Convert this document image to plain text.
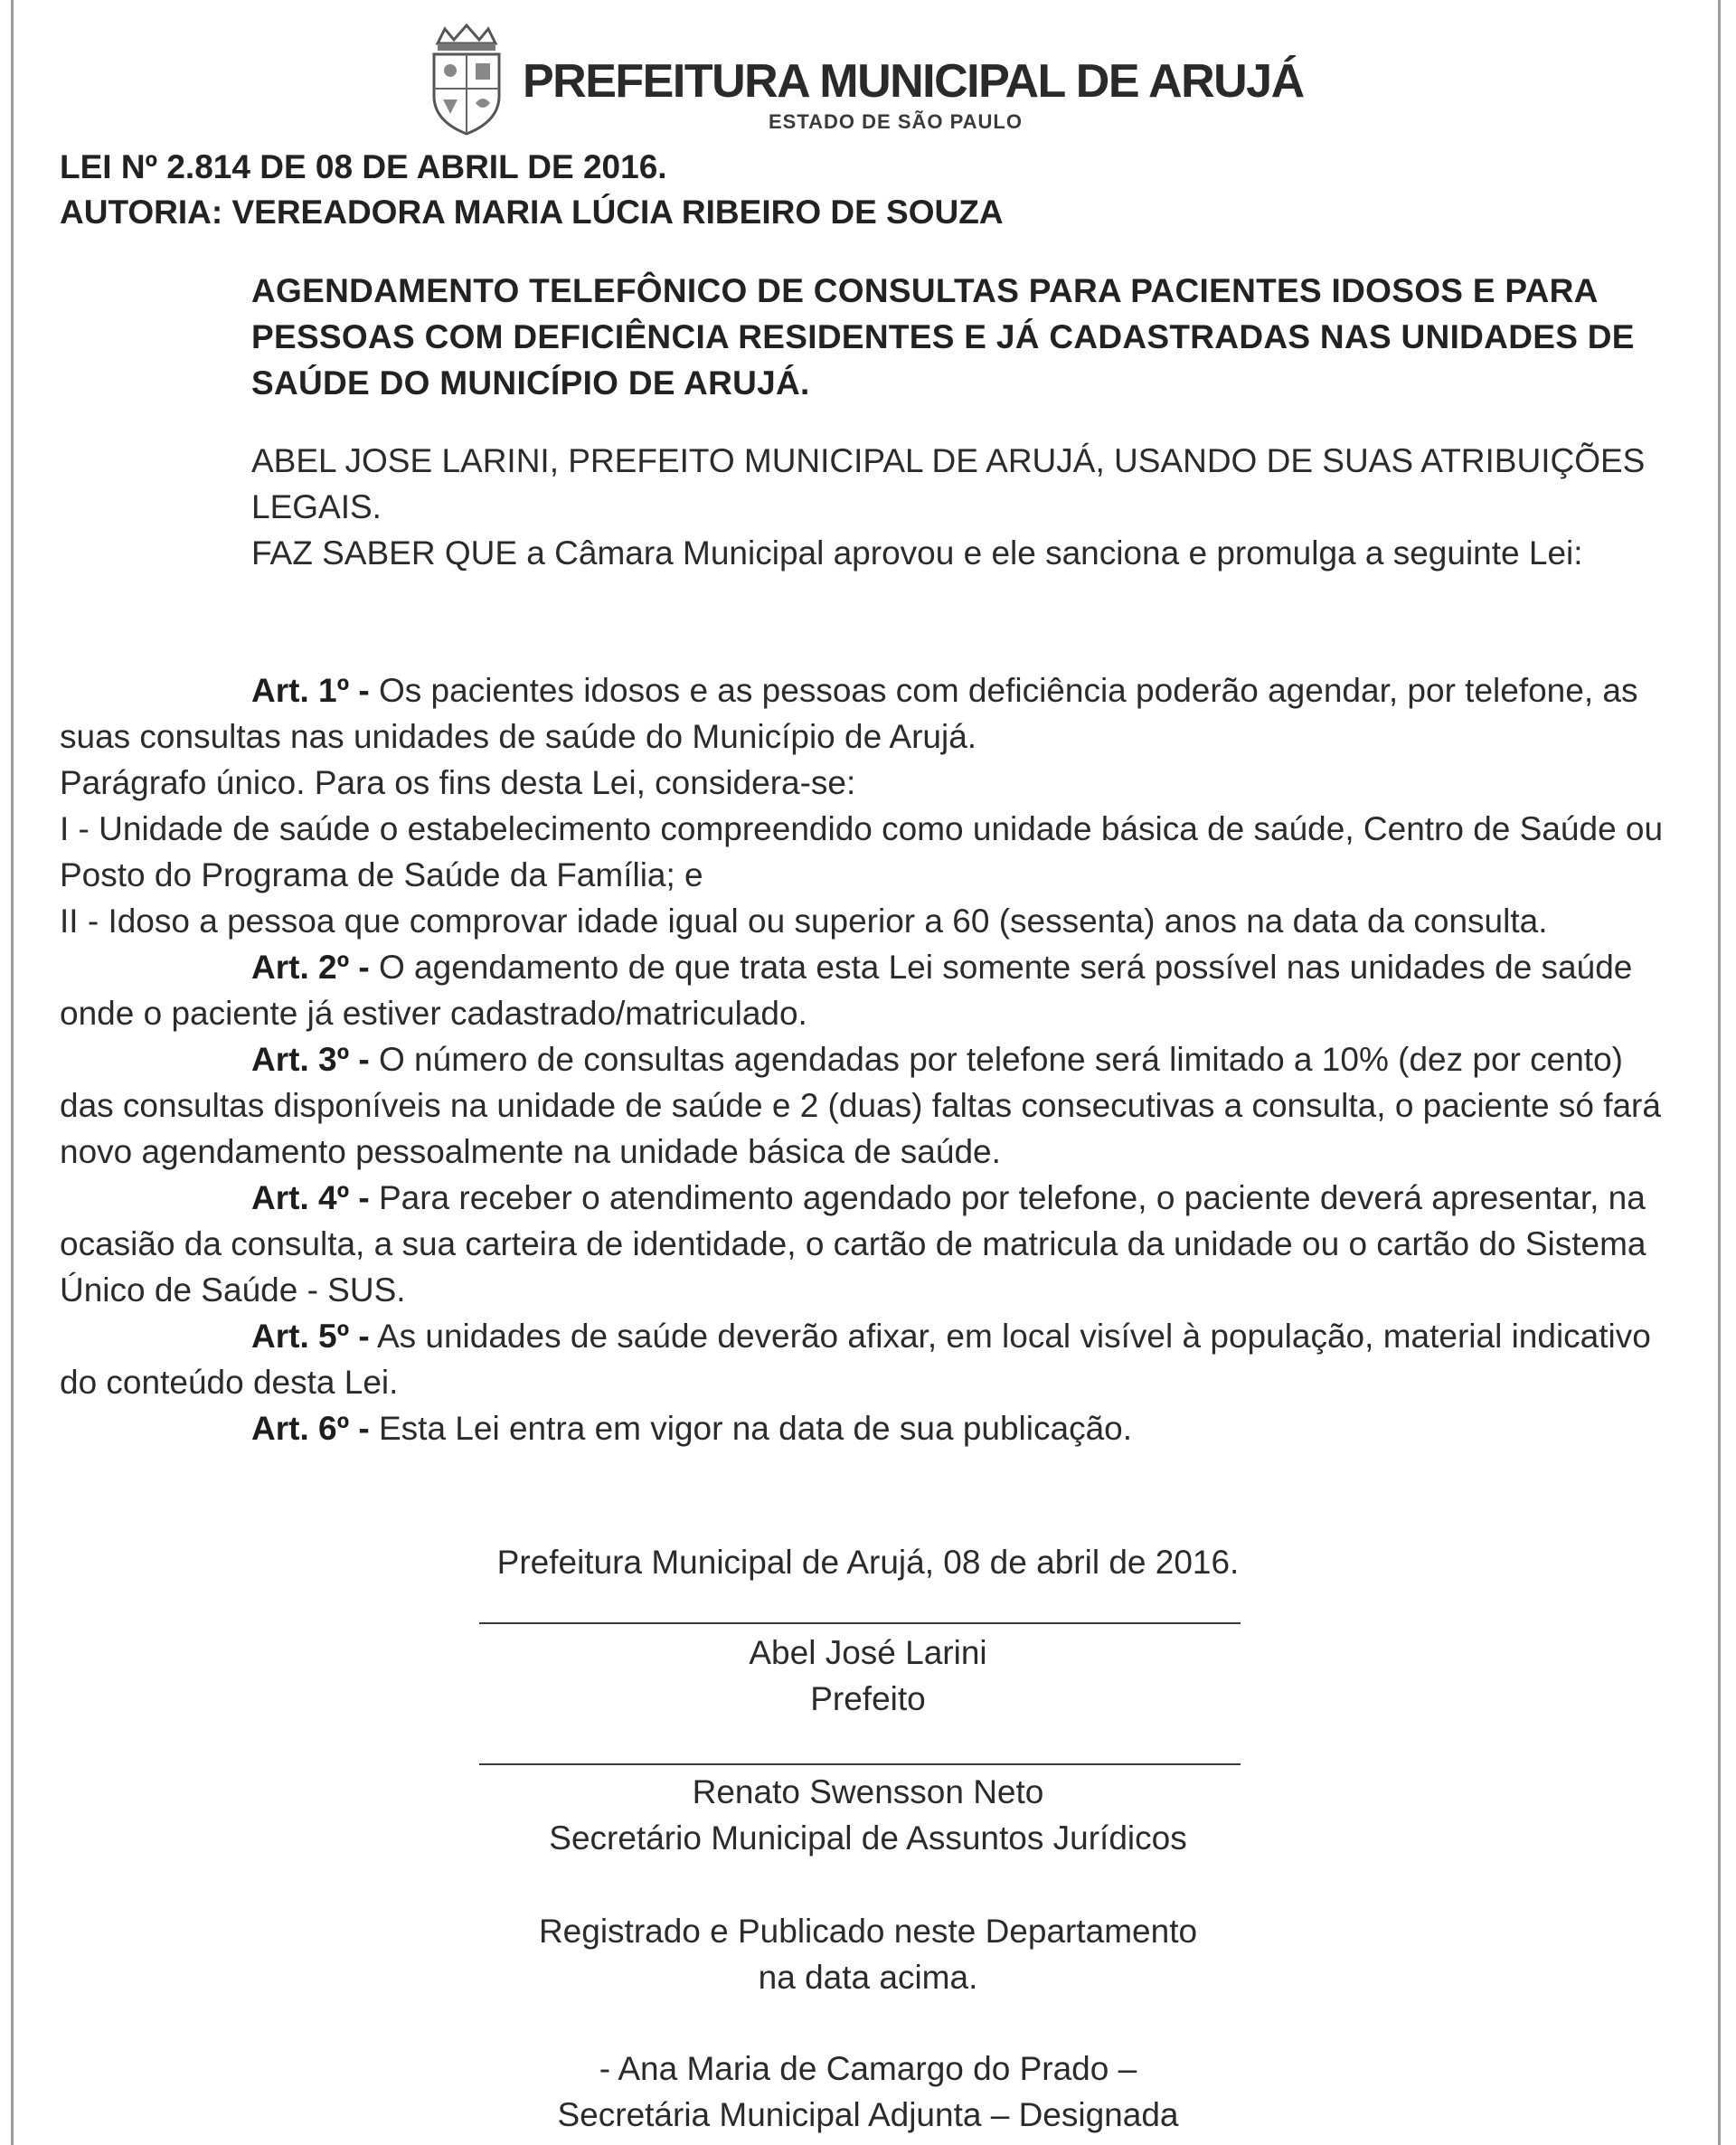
PREFEITURA MUNICIPAL DE ARUJÁ
ESTADO DE SÃO PAULO
LEI Nº 2.814 DE 08 DE ABRIL DE 2016.
AUTORIA: VEREADORA MARIA LÚCIA RIBEIRO DE SOUZA
AGENDAMENTO TELEFÔNICO DE CONSULTAS PARA PACIENTES IDOSOS E PARA PESSOAS COM DEFICIÊNCIA RESIDENTES E JÁ CADASTRADAS NAS UNIDADES DE SAÚDE DO MUNICÍPIO DE ARUJÁ.
ABEL JOSE LARINI, PREFEITO MUNICIPAL DE ARUJÁ, USANDO DE SUAS ATRIBUIÇÕES LEGAIS.
FAZ SABER QUE a Câmara Municipal aprovou e ele sanciona e promulga a seguinte Lei:

Art. 1º - Os pacientes idosos e as pessoas com deficiência poderão agendar, por telefone, as suas consultas nas unidades de saúde do Município de Arujá.

Parágrafo único. Para os fins desta Lei, considera-se:

I - Unidade de saúde o estabelecimento compreendido como unidade básica de saúde, Centro de Saúde ou Posto do Programa de Saúde da Família; e

II - Idoso a pessoa que comprovar idade igual ou superior a 60 (sessenta) anos na data da consulta.

Art. 2º - O agendamento de que trata esta Lei somente será possível nas unidades de saúde onde o paciente já estiver cadastrado/matriculado.

Art. 3º - O número de consultas agendadas por telefone será limitado a 10% (dez por cento) das consultas disponíveis na unidade de saúde e 2 (duas) faltas consecutivas a consulta, o paciente só fará novo agendamento pessoalmente na unidade básica de saúde.

Art. 4º - Para receber o atendimento agendado por telefone, o paciente deverá apresentar, na ocasião da consulta, a sua carteira de identidade, o cartão de matricula da unidade ou o cartão do Sistema Único de Saúde - SUS.

Art. 5º - As unidades de saúde deverão afixar, em local visível à população, material indicativo do conteúdo desta Lei.

Art. 6º - Esta Lei entra em vigor na data de sua publicação.

Prefeitura Municipal de Arujá, 08 de abril de 2016.
Abel José Larini
Prefeito
Renato Swensson Neto
Secretário Municipal de Assuntos Jurídicos
Registrado e Publicado neste Departamento
na data acima.
- Ana Maria de Camargo do Prado –
Secretária Municipal Adjunta – Designada
